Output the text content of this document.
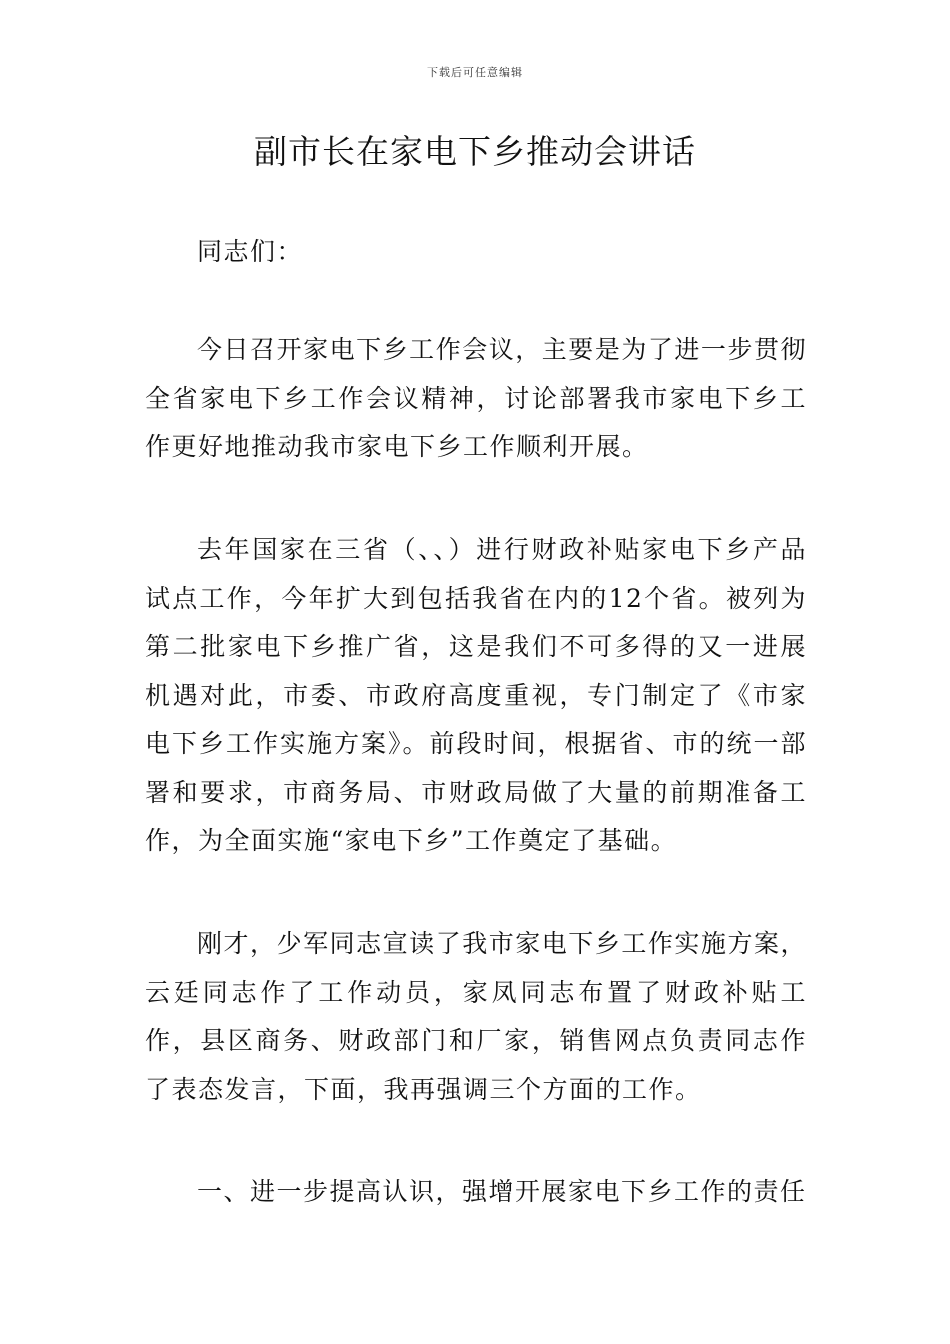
下载后可任意编辑
副市长在家电下乡推动会讲话

同志们：

今日召开家电下乡工作会议，主要是为了进一步贯彻全省家电下乡工作会议精神，讨论部署我市家电下乡工作更好地推动我市家电下乡工作顺利开展。

去年国家在三省（、、）进行财政补贴家电下乡产品试点工作，今年扩大到包括我省在内的12个省。被列为第二批家电下乡推广省，这是我们不可多得的又一进展机遇对此，市委、市政府高度重视，专门制定了《市家电下乡工作实施方案》。前段时间，根据省、市的统一部署和要求，市商务局、市财政局做了大量的前期准备工作，为全面实施“家电下乡”工作奠定了基础。

刚才，少军同志宣读了我市家电下乡工作实施方案，云廷同志作了工作动员，家凤同志布置了财政补贴工作，县区商务、财政部门和厂家，销售网点负责同志作了表态发言，下面，我再强调三个方面的工作。

一、进一步提高认识，强增开展家电下乡工作的责任
